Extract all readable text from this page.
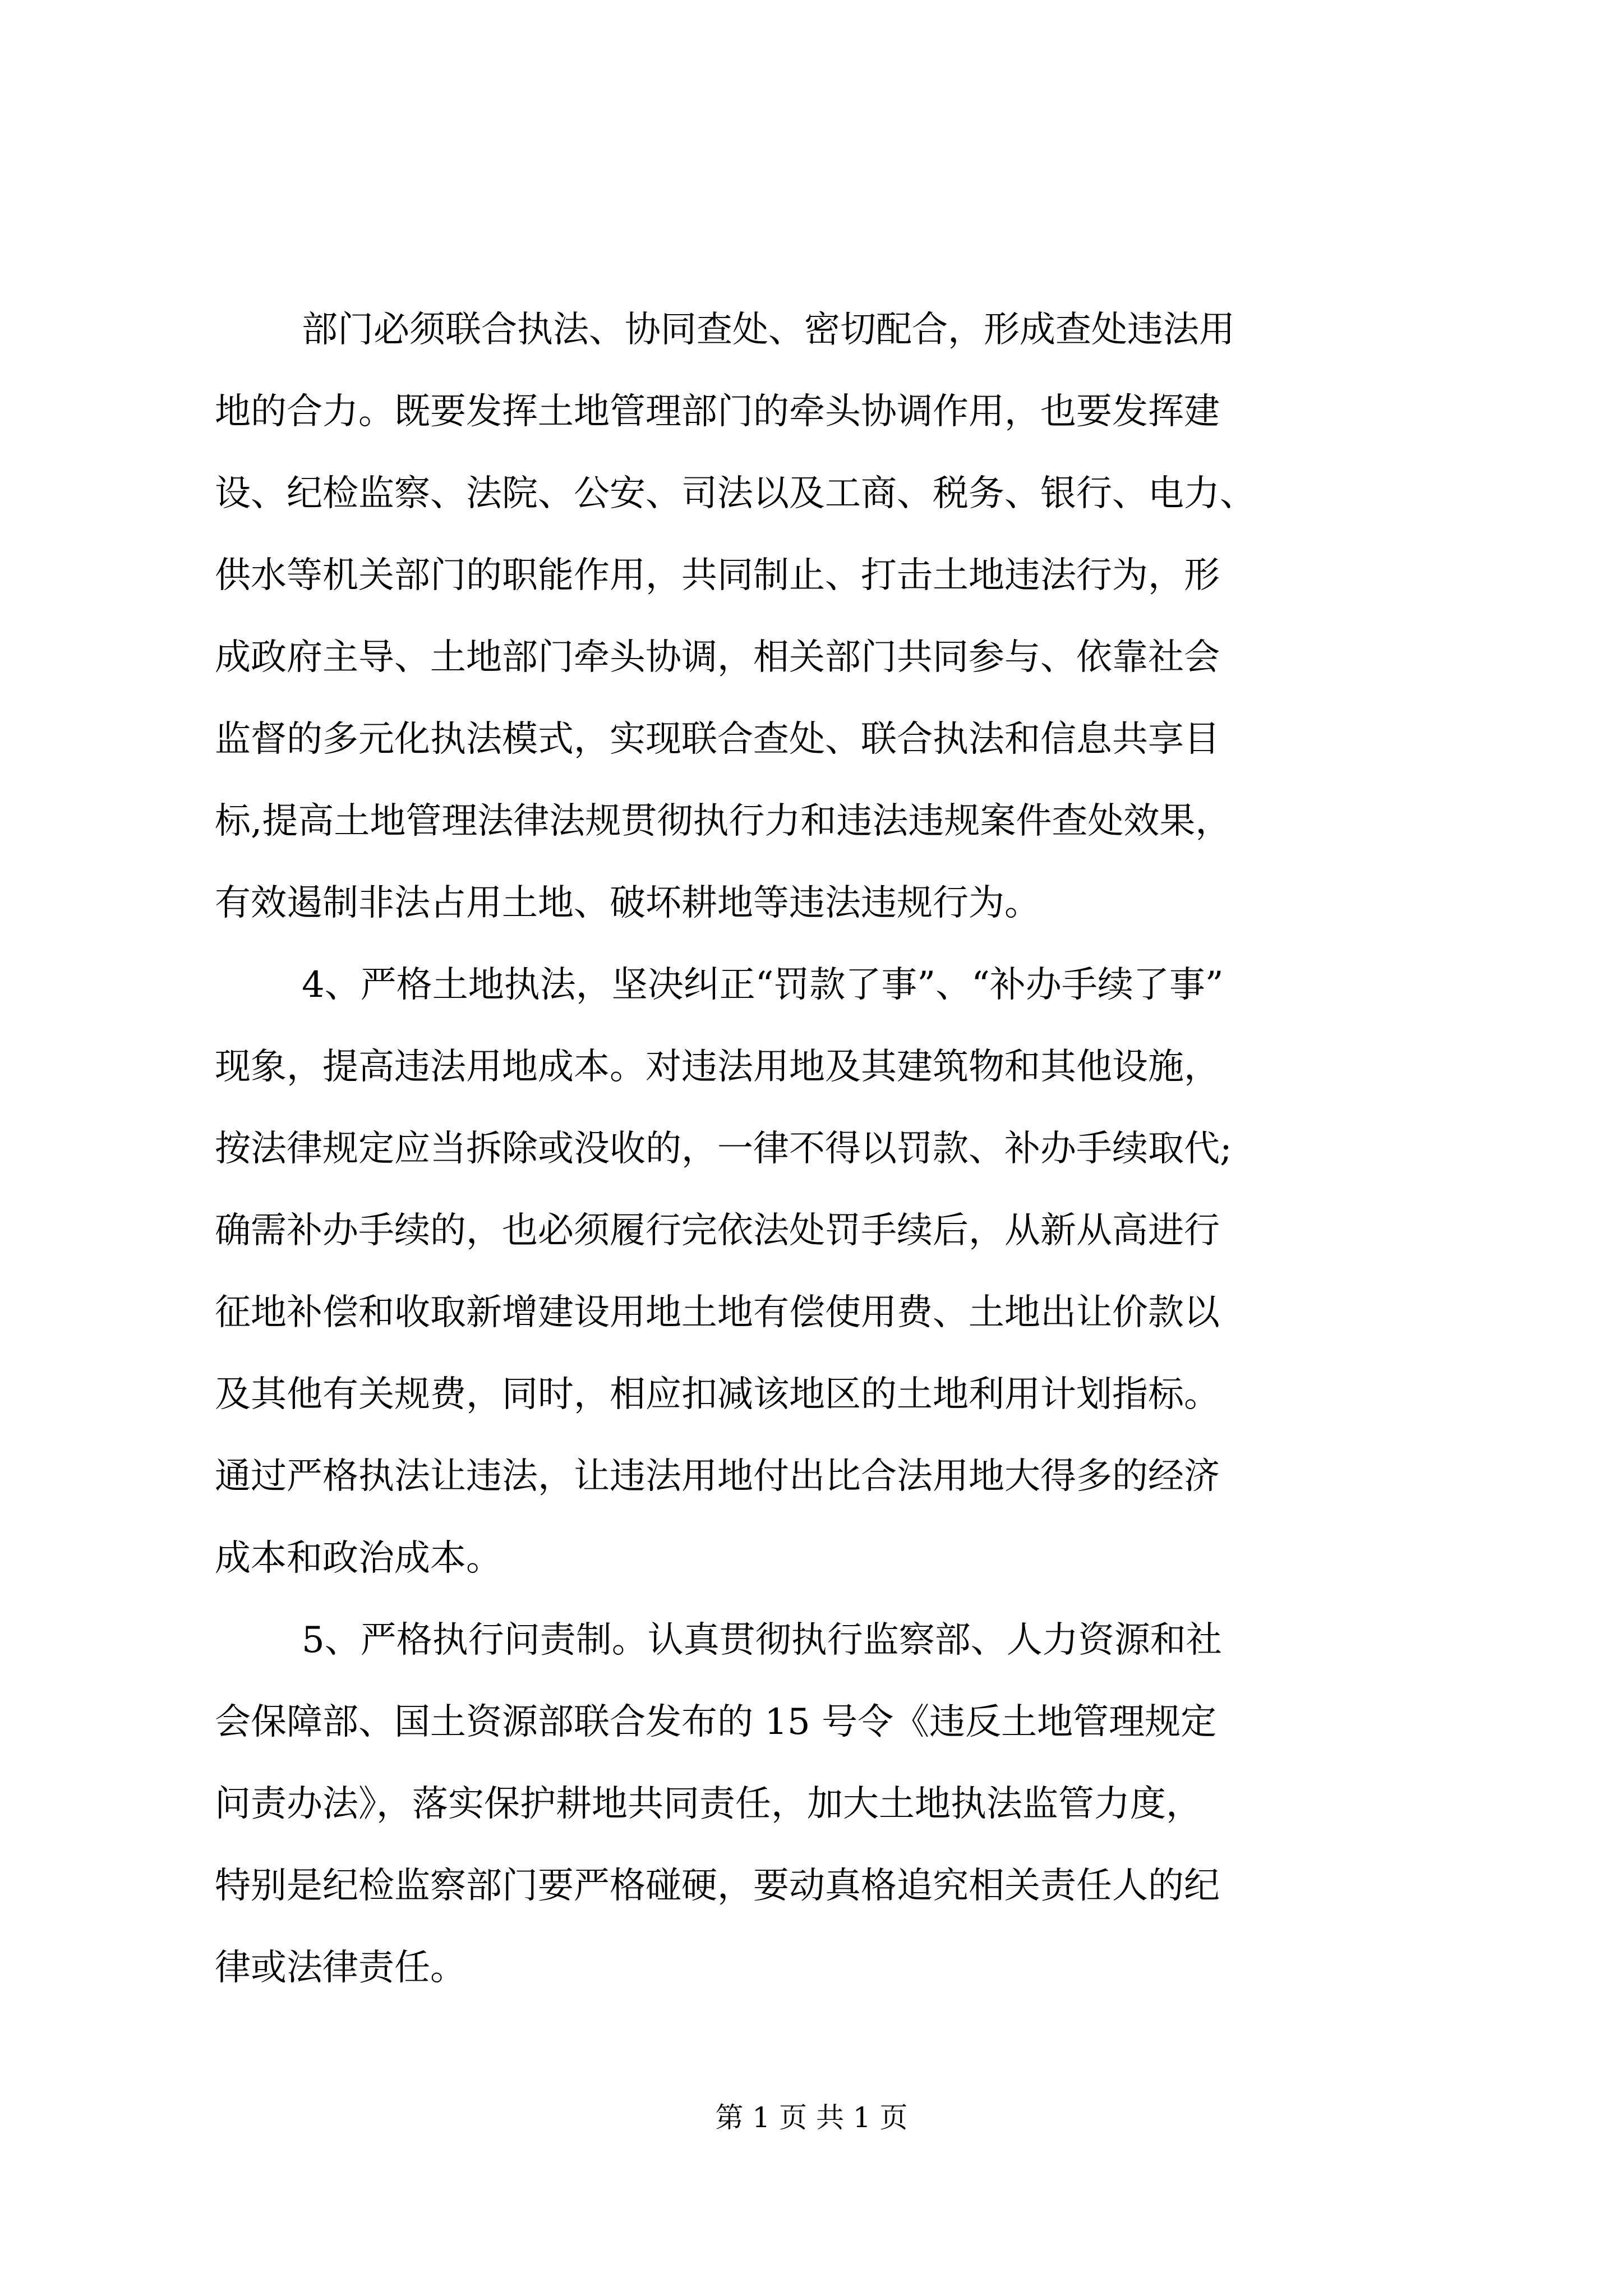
部门必须联合执法、协同查处、密切配合，形成查处违法用
地的合力。既要发挥土地管理部门的牵头协调作用，也要发挥建
设、纪检监察、法院、公安、司法以及工商、税务、银行、电力、
供水等机关部门的职能作用，共同制止、打击土地违法行为，形
成政府主导、土地部门牵头协调，相关部门共同参与、依靠社会
监督的多元化执法模式，实现联合查处、联合执法和信息共享目
标,提高土地管理法律法规贯彻执行力和违法违规案件查处效果，
有效遏制非法占用土地、破坏耕地等违法违规行为。
4、严格土地执法，坚决纠正“罚款了事”、“补办手续了事”
现象，提高违法用地成本。对违法用地及其建筑物和其他设施，
按法律规定应当拆除或没收的，一律不得以罚款、补办手续取代;
确需补办手续的，也必须履行完依法处罚手续后，从新从高进行
征地补偿和收取新增建设用地土地有偿使用费、土地出让价款以
及其他有关规费，同时，相应扣减该地区的土地利用计划指标。
通过严格执法让违法，让违法用地付出比合法用地大得多的经济
成本和政治成本。
5、严格执行问责制。认真贯彻执行监察部、人力资源和社
会保障部、国土资源部联合发布的 15 号令《违反土地管理规定
问责办法》，落实保护耕地共同责任，加大土地执法监管力度，
特别是纪检监察部门要严格碰硬，要动真格追究相关责任人的纪
律或法律责任。
第 1 页 共 1 页
